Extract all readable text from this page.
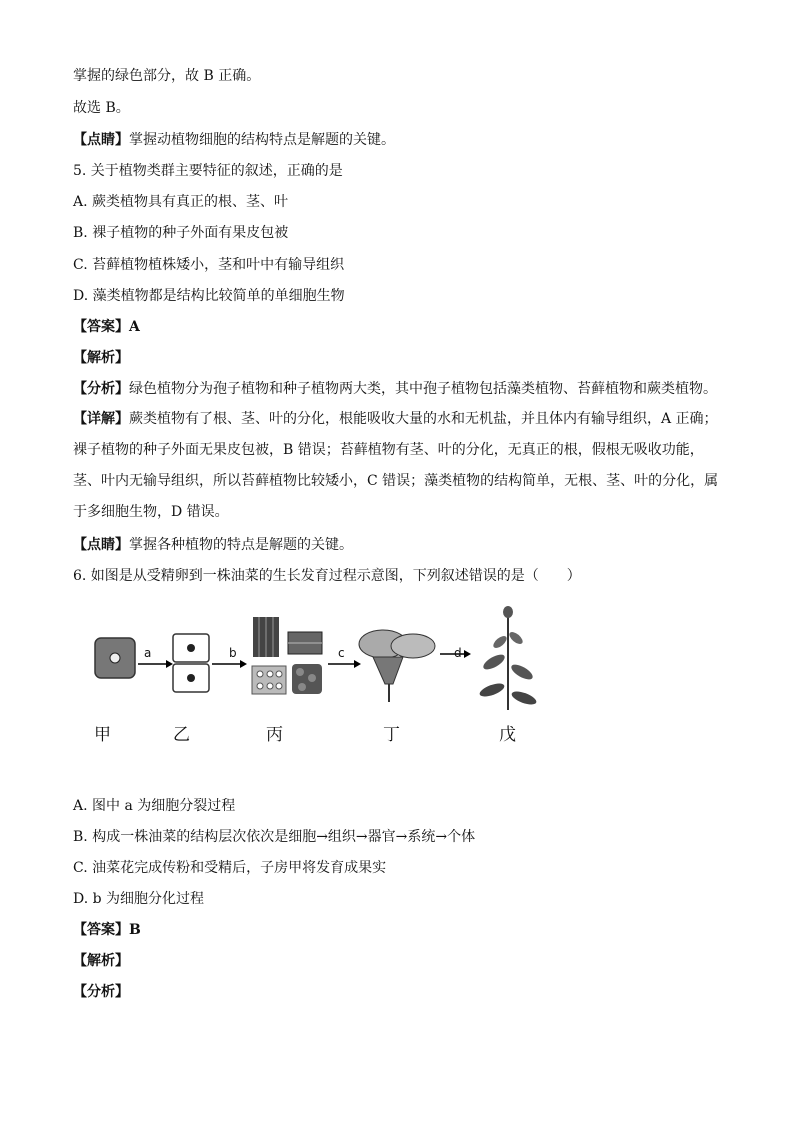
掌握的绿色部分，故 B 正确。
故选 B。
【点睛】掌握动植物细胞的结构特点是解题的关键。
5. 关于植物类群主要特征的叙述，正确的是
A. 蕨类植物具有真正的根、茎、叶
B. 裸子植物的种子外面有果皮包被
C. 苔藓植物植株矮小，茎和叶中有输导组织
D. 藻类植物都是结构比较简单的单细胞生物
【答案】A
【解析】
【分析】绿色植物分为孢子植物和种子植物两大类，其中孢子植物包括藻类植物、苔藓植物和蕨类植物。
【详解】蕨类植物有了根、茎、叶的分化，根能吸收大量的水和无机盐，并且体内有输导组织，A 正确；裸子植物的种子外面无果皮包被，B 错误；苔藓植物有茎、叶的分化，无真正的根，假根无吸收功能，茎、叶内无输导组织，所以苔藓植物比较矮小，C 错误；藻类植物的结构简单，无根、茎、叶的分化，属于多细胞生物，D 错误。
【点睛】掌握各种植物的特点是解题的关键。
6. 如图是从受精卵到一株油菜的生长发育过程示意图，下列叙述错误的是（　　）
a	b	c	d
甲	乙	丙	丁	戊
A. 图中 a 为细胞分裂过程
B. 构成一株油菜的结构层次依次是细胞→组织→器官→系统→个体
C. 油菜花完成传粉和受精后，子房甲将发育成果实
D. b 为细胞分化过程
【答案】B
【解析】
【分析】
